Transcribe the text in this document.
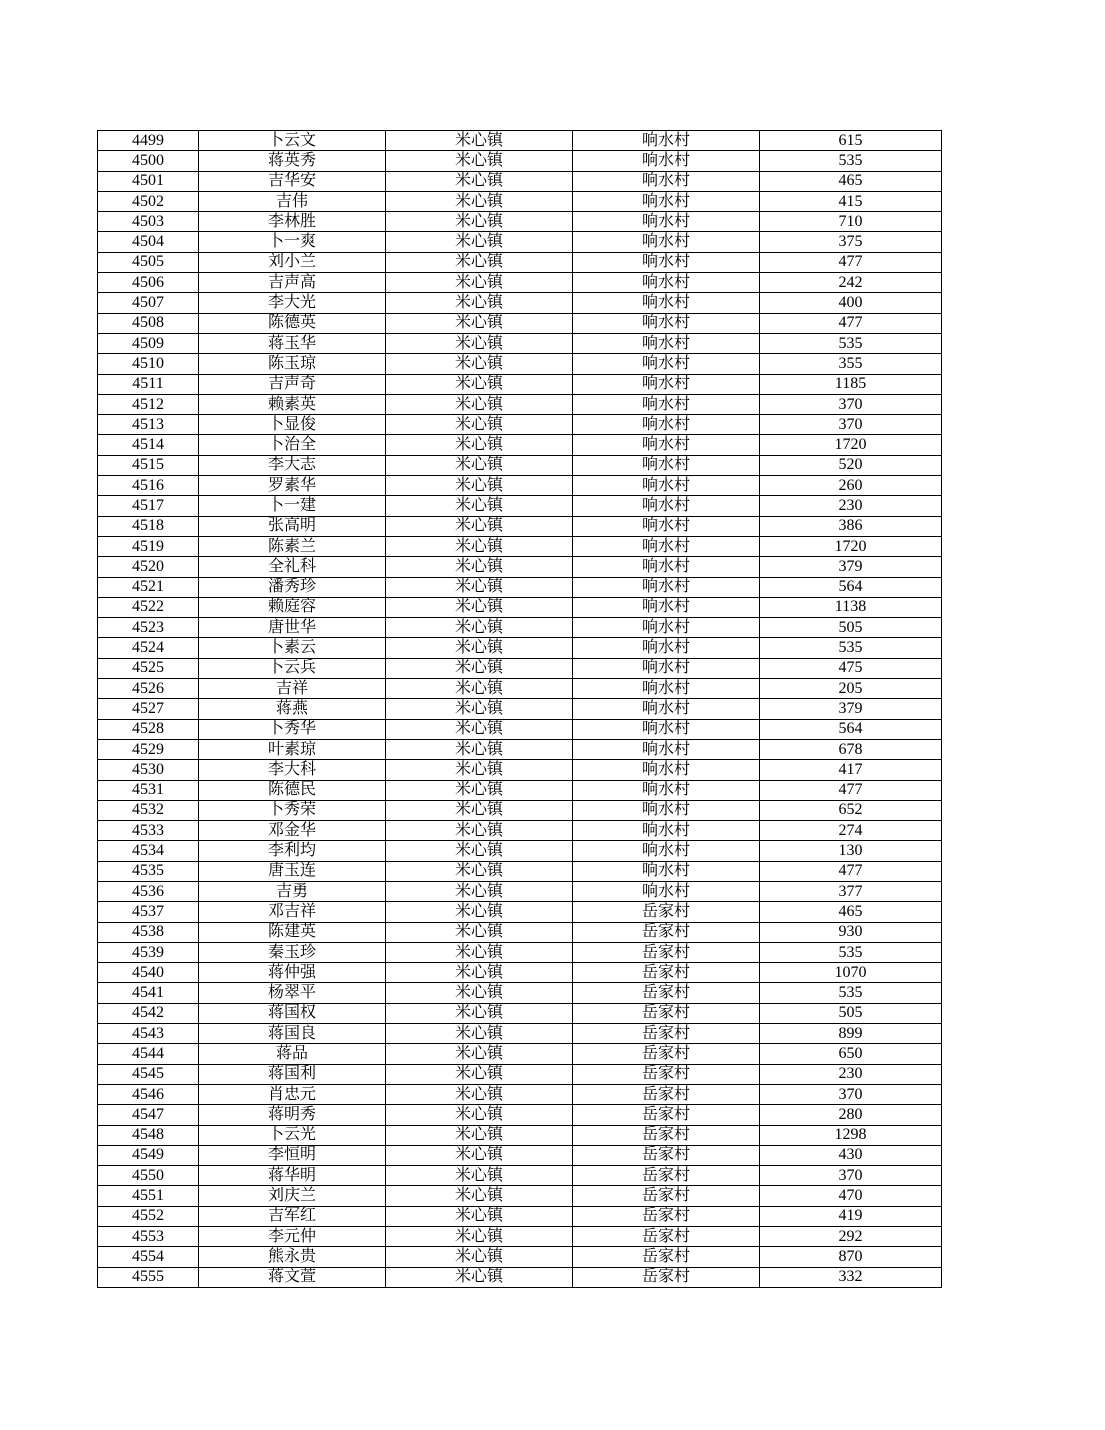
4499	卜云文	米心镇	响水村	615
4500	蒋英秀	米心镇	响水村	535
4501	吉华安	米心镇	响水村	465
4502	吉伟	米心镇	响水村	415
4503	李林胜	米心镇	响水村	710
4504	卜一爽	米心镇	响水村	375
4505	刘小兰	米心镇	响水村	477
4506	吉声高	米心镇	响水村	242
4507	李大光	米心镇	响水村	400
4508	陈德英	米心镇	响水村	477
4509	蒋玉华	米心镇	响水村	535
4510	陈玉琼	米心镇	响水村	355
4511	吉声奇	米心镇	响水村	1185
4512	赖素英	米心镇	响水村	370
4513	卜显俊	米心镇	响水村	370
4514	卜治全	米心镇	响水村	1720
4515	李大志	米心镇	响水村	520
4516	罗素华	米心镇	响水村	260
4517	卜一建	米心镇	响水村	230
4518	张高明	米心镇	响水村	386
4519	陈素兰	米心镇	响水村	1720
4520	全礼科	米心镇	响水村	379
4521	潘秀珍	米心镇	响水村	564
4522	赖庭容	米心镇	响水村	1138
4523	唐世华	米心镇	响水村	505
4524	卜素云	米心镇	响水村	535
4525	卜云兵	米心镇	响水村	475
4526	吉祥	米心镇	响水村	205
4527	蒋燕	米心镇	响水村	379
4528	卜秀华	米心镇	响水村	564
4529	叶素琼	米心镇	响水村	678
4530	李大科	米心镇	响水村	417
4531	陈德民	米心镇	响水村	477
4532	卜秀荣	米心镇	响水村	652
4533	邓金华	米心镇	响水村	274
4534	李利均	米心镇	响水村	130
4535	唐玉连	米心镇	响水村	477
4536	吉勇	米心镇	响水村	377
4537	邓吉祥	米心镇	岳家村	465
4538	陈建英	米心镇	岳家村	930
4539	秦玉珍	米心镇	岳家村	535
4540	蒋仲强	米心镇	岳家村	1070
4541	杨翠平	米心镇	岳家村	535
4542	蒋国权	米心镇	岳家村	505
4543	蒋国良	米心镇	岳家村	899
4544	蒋品	米心镇	岳家村	650
4545	蒋国利	米心镇	岳家村	230
4546	肖忠元	米心镇	岳家村	370
4547	蒋明秀	米心镇	岳家村	280
4548	卜云光	米心镇	岳家村	1298
4549	李恒明	米心镇	岳家村	430
4550	蒋华明	米心镇	岳家村	370
4551	刘庆兰	米心镇	岳家村	470
4552	吉军红	米心镇	岳家村	419
4553	李元仲	米心镇	岳家村	292
4554	熊永贵	米心镇	岳家村	870
4555	蒋文萱	米心镇	岳家村	332
